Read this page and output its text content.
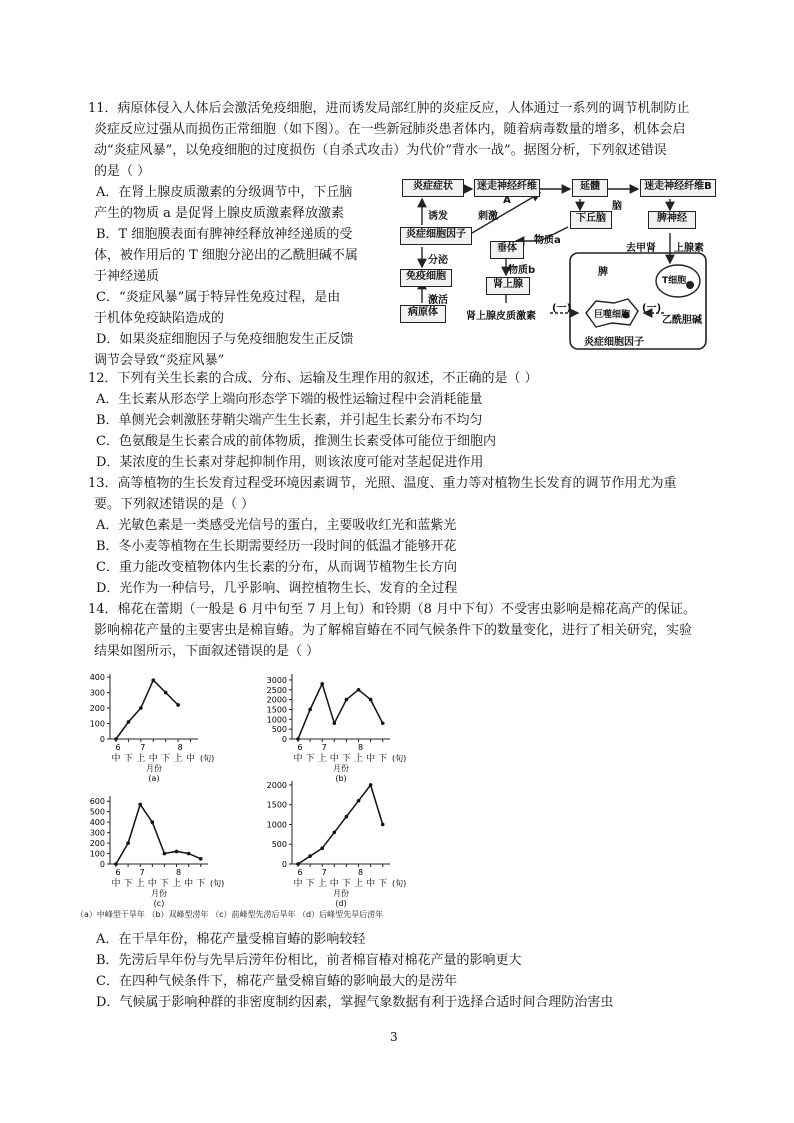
11．病原体侵入人体后会激活免疫细胞，进而诱发局部红肿的炎症反应，人体通过一系列的调节机制防止
炎症反应过强从而损伤正常细胞（如下图）。在一些新冠肺炎患者体内，随着病毒数量的增多，机体会启
动“炎症风暴”，以免疫细胞的过度损伤（自杀式攻击）为代价“背水一战”。据图分析，下列叙述错误
的是（ ）
A．在肾上腺皮质激素的分级调节中，下丘脑
产生的物质 a 是促肾上腺皮质激素释放激素
B．T 细胞膜表面有脾神经释放神经递质的受
体，被作用后的 T 细胞分泌出的乙酰胆碱不属
于神经递质
C．“炎症风暴”属于特异性免疫过程，是由
于机体免疫缺陷造成的
D．如果炎症细胞因子与免疫细胞发生正反馈
调节会导致“炎症风暴”
炎症症状	迷走神经纤维A
延髓	迷走神经纤维B
下丘脑	脾神经
炎症细胞因子
垂体
免疫细胞
肾上腺
病原体
T细胞
巨噬细胞
炎症细胞因子
诱发	刺激
脑
物质a
物质b
分泌
激活
去甲肾 上腺素
脾
肾上腺皮质激素
(一)	(一)
乙酰胆碱
12．下列有关生长素的合成、分布、运输及生理作用的叙述，不正确的是（ ）
A．生长素从形态学上端向形态学下端的极性运输过程中会消耗能量
B．单侧光会刺激胚芽鞘尖端产生生长素，并引起生长素分布不均匀
C．色氨酸是生长素合成的前体物质，推测生长素受体可能位于细胞内
D．某浓度的生长素对芽起抑制作用，则该浓度可能对茎起促进作用
13．高等植物的生长发育过程受环境因素调节，光照、温度、重力等对植物生长发育的调节作用尤为重
要。下列叙述错误的是（ ）
A．光敏色素是一类感受光信号的蛋白，主要吸收红光和蓝紫光
B．冬小麦等植物在生长期需要经历一段时间的低温才能够开花
C．重力能改变植物体内生长素的分布，从而调节植物生长方向
D．光作为一种信号，几乎影响、调控植物生长、发育的全过程
14．棉花在蕾期（一般是 6 月中旬至 7 月上旬）和铃期（8 月中下旬）不受害虫影响是棉花高产的保证。
影响棉花产量的主要害虫是棉盲蝽。为了解棉盲蝽在不同气候条件下的数量变化，进行了相关研究，实验
结果如图所示，下面叙述错误的是（ ）
0
100
200
300
400
中 下 上 中 下 上 中
6 7	8
(旬)
月份
(a)
0
500
1000
1500
2000
2500
3000
中 下 上 中 下 上 中 下
6 7	8
(旬)
月份
(b)
0
100
200
300
400
500
600
中 下 上 中 下 上 中 下
6 7	8
(旬)
月份
(c)
0
500
1000
1500
2000
中 下 上 中 下 上 中 下
6 7	8
(旬)
月份
(d)
（a）中峰型干旱年 （b）双峰型涝年 （c）前峰型先涝后旱年 （d）后峰型先旱后涝年
A．在干旱年份，棉花产量受棉盲蝽的影响较轻
B．先涝后旱年份与先旱后涝年份相比，前者棉盲椿对棉花产量的影响更大
C．在四种气候条件下，棉花产量受棉盲蝽的影响最大的是涝年
D．气候属于影响种群的非密度制约因素，掌握气象数据有利于选择合适时间合理防治害虫
3
